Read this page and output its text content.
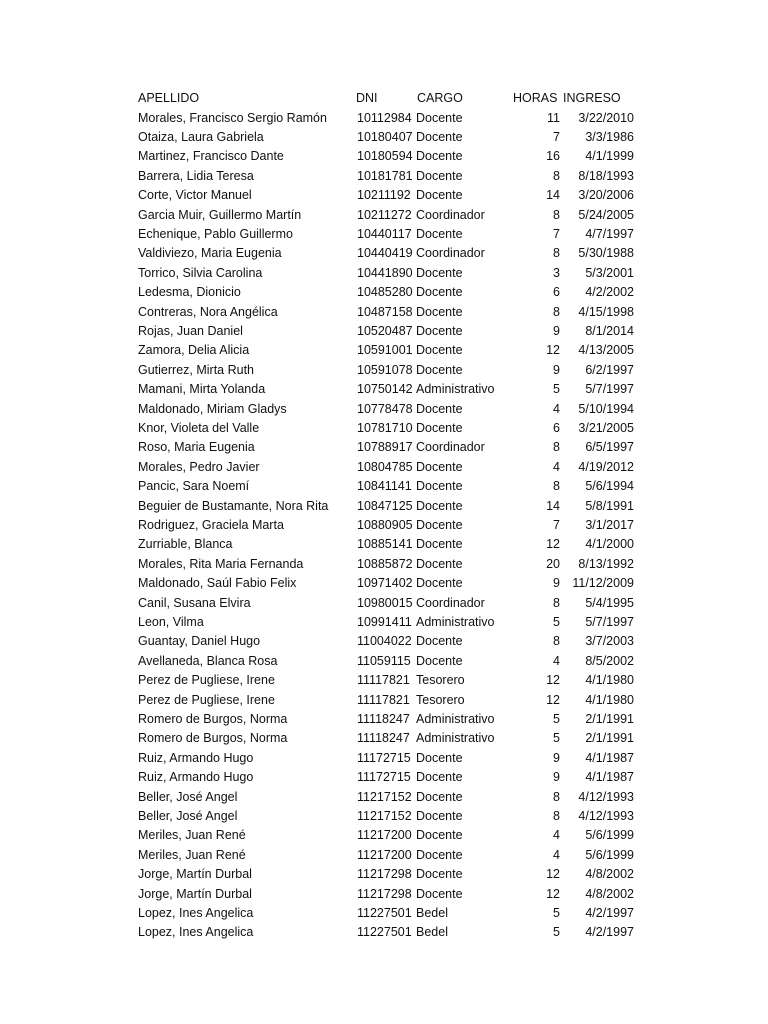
APELLIDO	DNI	CARGO	HORAS INGRESO
Morales, Francisco Sergio Ramón 10112984 Docente	11	3/22/2010
Otaiza, Laura Gabriela	10180407 Docente	7	3/3/1986
Martinez, Francisco Dante	10180594 Docente	16	4/1/1999
Barrera, Lidia Teresa	10181781 Docente	8	8/18/1993
Corte, Victor Manuel	10211192 Docente	14	3/20/2006
Garcia Muir, Guillermo Martín	10211272 Coordinador	8	5/24/2005
Echenique, Pablo Guillermo	10440117 Docente	7	4/7/1997
Valdiviezo, Maria Eugenia	10440419 Coordinador	8	5/30/1988
Torrico, Silvia Carolina	10441890 Docente	3	5/3/2001
Ledesma, Dionicio	10485280 Docente	6	4/2/2002
Contreras, Nora Angélica	10487158 Docente	8	4/15/1998
Rojas, Juan Daniel	10520487 Docente	9	8/1/2014
Zamora, Delia Alicia	10591001 Docente	12	4/13/2005
Gutierrez, Mirta Ruth	10591078 Docente	9	6/2/1997
Mamani, Mirta Yolanda	10750142 Administrativo	5	5/7/1997
Maldonado, Miriam Gladys	10778478 Docente	4	5/10/1994
Knor, Violeta del Valle	10781710 Docente	6	3/21/2005
Roso, Maria Eugenia	10788917 Coordinador	8	6/5/1997
Morales, Pedro Javier	10804785 Docente	4	4/19/2012
Pancic, Sara Noemí	10841141 Docente	8	5/6/1994
Beguier de Bustamante, Nora Rita 10847125 Docente	14	5/8/1991
Rodriguez, Graciela Marta	10880905 Docente	7	3/1/2017
Zurriable, Blanca	10885141 Docente	12	4/1/2000
Morales, Rita Maria Fernanda	10885872 Docente	20	8/13/1992
Maldonado, Saúl Fabio Felix	10971402 Docente	9 11/12/2009
Canil, Susana Elvira	10980015 Coordinador	8	5/4/1995
Leon, Vilma	10991411 Administrativo	5	5/7/1997
Guantay, Daniel Hugo	11004022 Docente	8	3/7/2003
Avellaneda, Blanca Rosa	11059115 Docente	4	8/5/2002
Perez de Pugliese, Irene	11117821 Tesorero	12	4/1/1980
Perez de Pugliese, Irene	11117821 Tesorero	12	4/1/1980
Romero de Burgos, Norma	11118247 Administrativo	5	2/1/1991
Romero de Burgos, Norma	11118247 Administrativo	5	2/1/1991
Ruiz, Armando Hugo	11172715 Docente	9	4/1/1987
Ruiz, Armando Hugo	11172715 Docente	9	4/1/1987
Beller, José Angel	11217152 Docente	8	4/12/1993
Beller, José Angel	11217152 Docente	8	4/12/1993
Meriles, Juan René	11217200 Docente	4	5/6/1999
Meriles, Juan René	11217200 Docente	4	5/6/1999
Jorge, Martín Durbal	11217298 Docente	12	4/8/2002
Jorge, Martín Durbal	11217298 Docente	12	4/8/2002
Lopez, Ines Angelica	11227501 Bedel	5	4/2/1997
Lopez, Ines Angelica	11227501 Bedel	5	4/2/1997
